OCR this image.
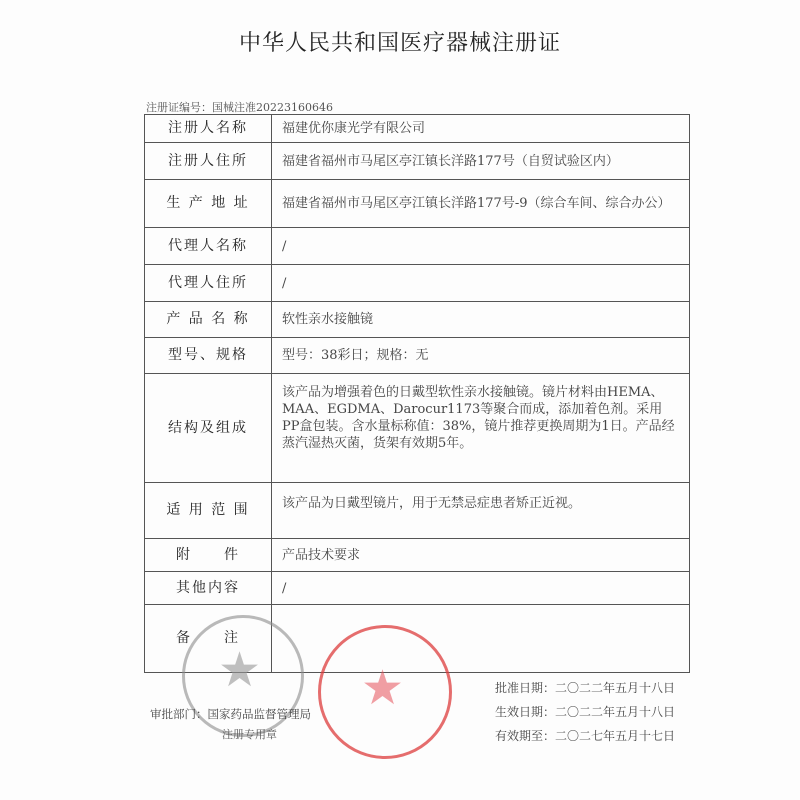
中华人民共和国医疗器械注册证
注册证编号：国械注准20223160646
注册人名称	福建优你康光学有限公司
注册人住所	福建省福州市马尾区亭江镇长洋路177号（自贸试验区内）
生 产 地 址	福建省福州市马尾区亭江镇长洋路177号-9（综合车间、综合办公）
代理人名称	/
代理人住所	/
产 品 名 称	软性亲水接触镜
型号、规格	型号：38彩日；规格：无
结构及组成	该产品为增强着色的日戴型软性亲水接触镜。镜片材料由HEMA、MAA、EGDMA、Darocur1173等聚合而成，添加着色剂。采用PP盒包装。含水量标称值：38%，镜片推荐更换周期为1日。产品经蒸汽湿热灭菌，货架有效期5年。
适 用 范 围	该产品为日戴型镜片，用于无禁忌症患者矫正近视。
附　　件	产品技术要求
其他内容	/
备　　注	
★ ★
审批部门：国家药品监督管理局
注册专用章
批准日期：二〇二二年五月十八日
生效日期：二〇二二年五月十八日
有效期至：二〇二七年五月十七日
